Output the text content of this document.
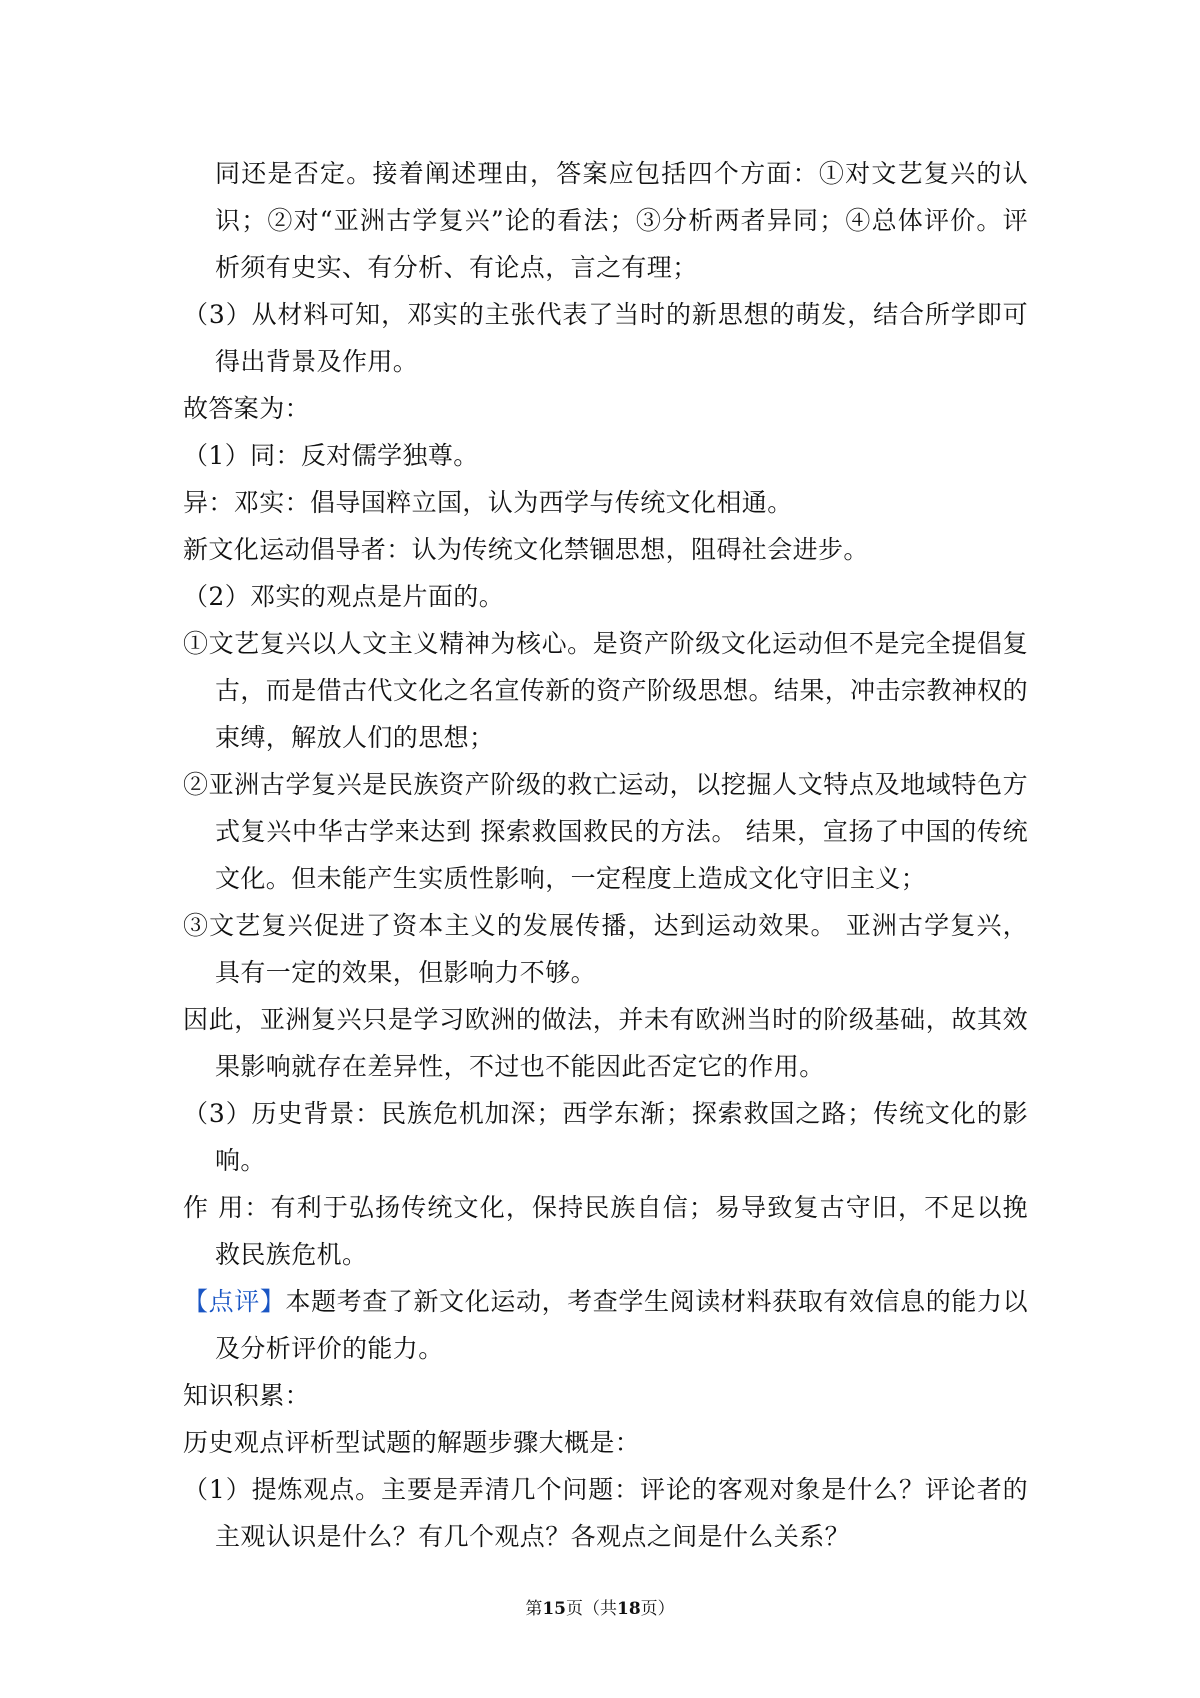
同还是否定。接着阐述理由，答案应包括四个方面：①对文艺复兴的认识；②对“亚洲古学复兴”论的看法；③分析两者异同；④总体评价。评析须有史实、有分析、有论点，言之有理；

（3）从材料可知，邓实的主张代表了当时的新思想的萌发，结合所学即可得出背景及作用。

故答案为：

（1）同：反对儒学独尊。

异：邓实：倡导国粹立国，认为西学与传统文化相通。

新文化运动倡导者：认为传统文化禁锢思想，阻碍社会进步。

（2）邓实的观点是片面的。

①文艺复兴以人文主义精神为核心。是资产阶级文化运动但不是完全提倡复古，而是借古代文化之名宣传新的资产阶级思想。结果，冲击宗教神权的束缚，解放人们的思想；

②亚洲古学复兴是民族资产阶级的救亡运动，以挖掘人文特点及地域特色方式复兴中华古学来达到 探索救国救民的方法。 结果，宣扬了中国的传统文化。但未能产生实质性影响，一定程度上造成文化守旧主义；

③文艺复兴促进了资本主义的发展传播，达到运动效果。 亚洲古学复兴，具有一定的效果，但影响力不够。

因此，亚洲复兴只是学习欧洲的做法，并未有欧洲当时的阶级基础，故其效果影响就存在差异性，不过也不能因此否定它的作用。

（3）历史背景：民族危机加深；西学东渐；探索救国之路；传统文化的影响。

作 用：有利于弘扬传统文化，保持民族自信；易导致复古守旧，不足以挽救民族危机。

【点评】本题考查了新文化运动，考查学生阅读材料获取有效信息的能力以及分析评价的能力。

知识积累：

历史观点评析型试题的解题步骤大概是：

（1）提炼观点。主要是弄清几个问题：评论的客观对象是什么？评论者的主观认识是什么？有几个观点？各观点之间是什么关系？

第15页（共18页）
